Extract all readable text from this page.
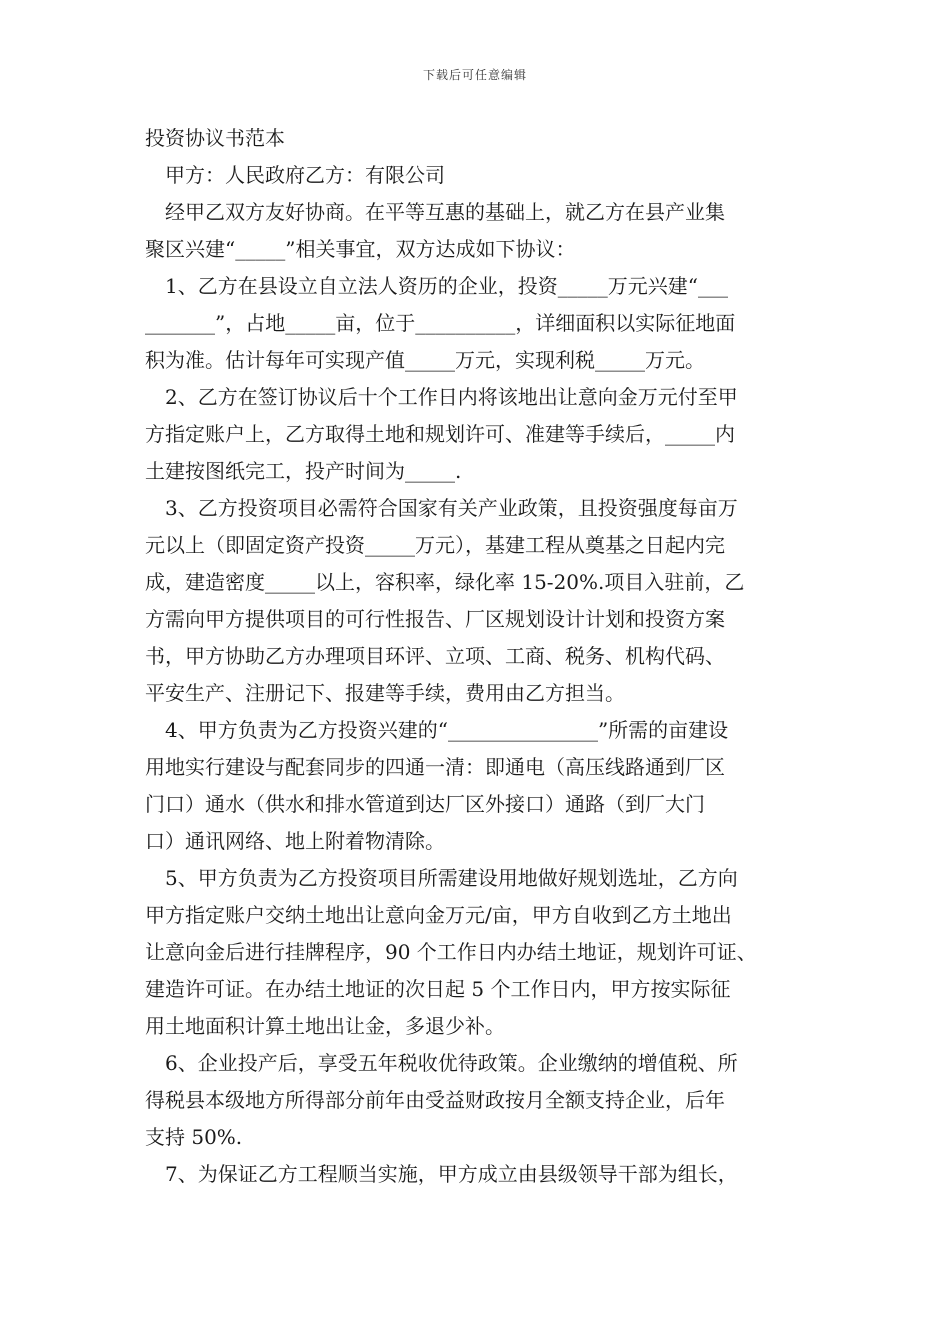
下载后可任意编辑
投资协议书范本
甲方：人民政府乙方：有限公司
经甲乙双方友好协商。在平等互惠的基础上，就乙方在县产业集
聚区兴建“_____”相关事宜，双方达成如下协议：
1、乙方在县设立自立法人资历的企业，投资_____万元兴建“___
_______”，占地_____亩，位于__________，详细面积以实际征地面
积为准。估计每年可实现产值_____万元，实现利税_____万元。
2、乙方在签订协议后十个工作日内将该地出让意向金万元付至甲
方指定账户上，乙方取得土地和规划许可、准建等手续后，_____内
土建按图纸完工，投产时间为_____.
3、乙方投资项目必需符合国家有关产业政策，且投资强度每亩万
元以上（即固定资产投资_____万元），基建工程从奠基之日起内完
成，建造密度_____以上，容积率，绿化率 15-20%.项目入驻前，乙
方需向甲方提供项目的可行性报告、厂区规划设计计划和投资方案
书，甲方协助乙方办理项目环评、立项、工商、税务、机构代码、
平安生产、注册记下、报建等手续，费用由乙方担当。
4、甲方负责为乙方投资兴建的“_______________”所需的亩建设
用地实行建设与配套同步的四通一清：即通电（高压线路通到厂区
门口）通水（供水和排水管道到达厂区外接口）通路（到厂大门
口）通讯网络、地上附着物清除。
5、甲方负责为乙方投资项目所需建设用地做好规划选址，乙方向
甲方指定账户交纳土地出让意向金万元/亩，甲方自收到乙方土地出
让意向金后进行挂牌程序，90 个工作日内办结土地证，规划许可证、
建造许可证。在办结土地证的次日起 5 个工作日内，甲方按实际征
用土地面积计算土地出让金，多退少补。
6、企业投产后，享受五年税收优待政策。企业缴纳的增值税、所
得税县本级地方所得部分前年由受益财政按月全额支持企业，后年
支持 50%.
7、为保证乙方工程顺当实施，甲方成立由县级领导干部为组长，
